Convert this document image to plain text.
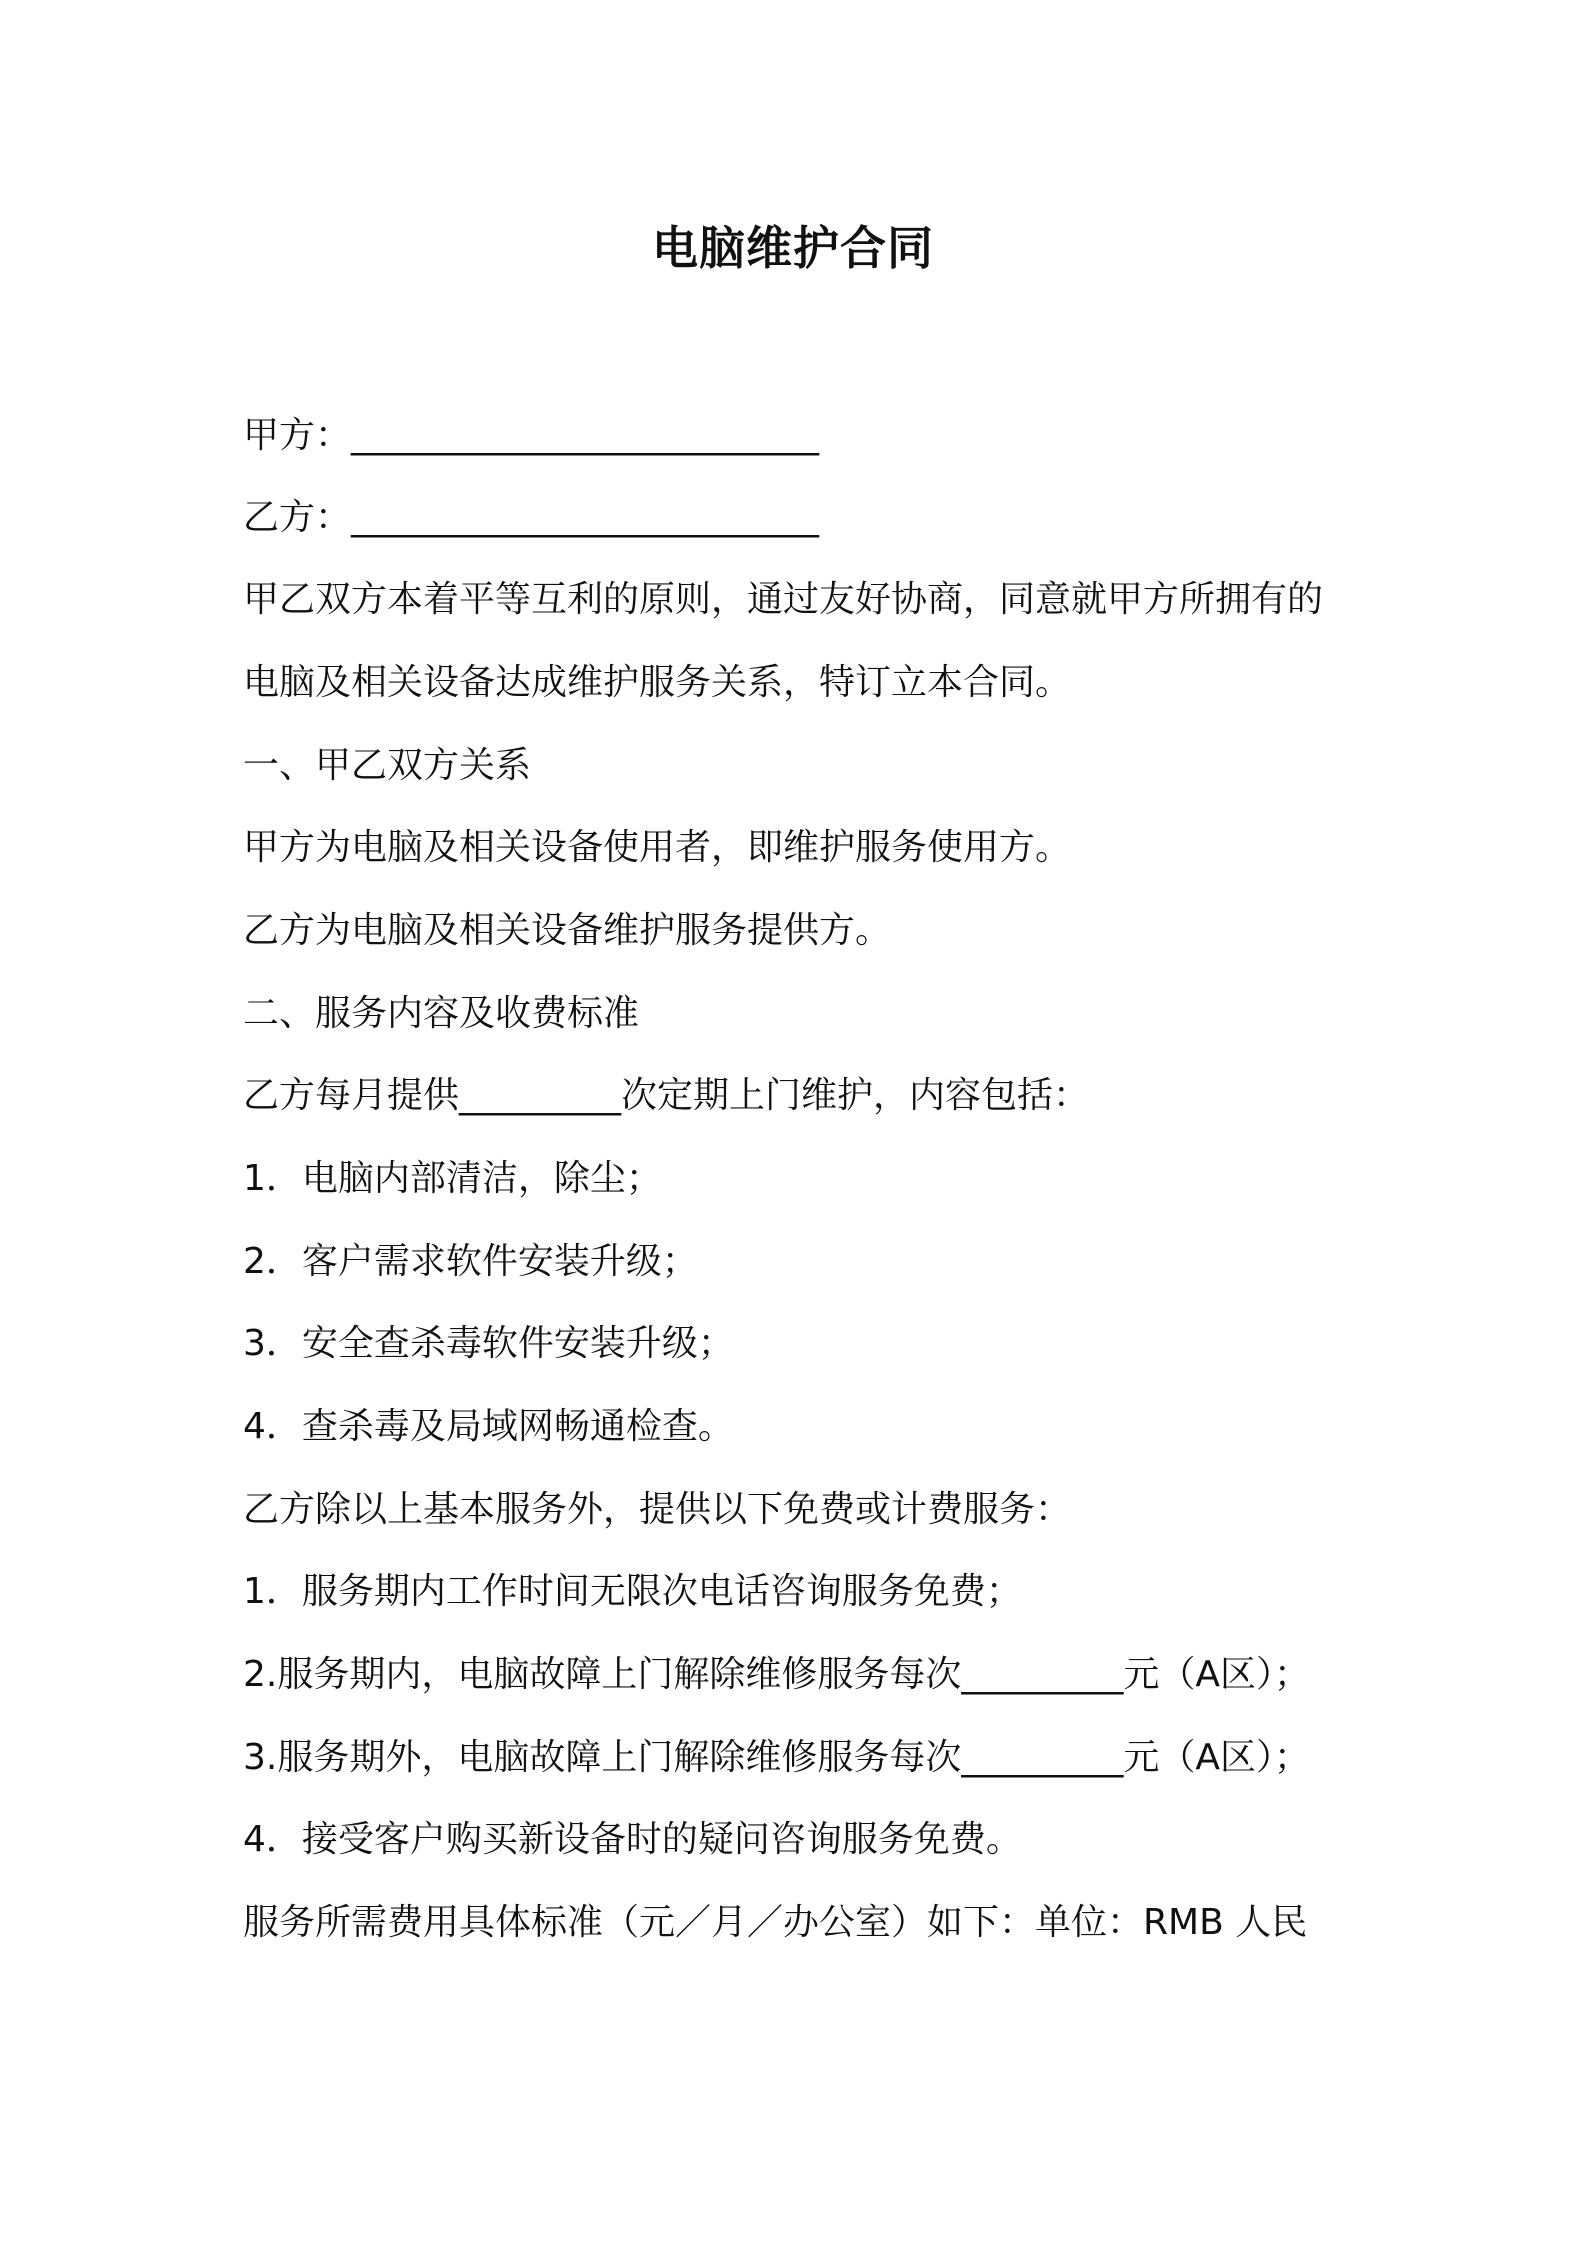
电脑维护合同

甲方：__________________________

乙方：__________________________

甲乙双方本着平等互利的原则，通过友好协商，同意就甲方所拥有的

电脑及相关设备达成维护服务关系，特订立本合同。

一、甲乙双方关系

甲方为电脑及相关设备使用者，即维护服务使用方。

乙方为电脑及相关设备维护服务提供方。

二、服务内容及收费标准

乙方每月提供_________次定期上门维护，内容包括：

1．电脑内部清洁，除尘；

2．客户需求软件安装升级；

3．安全查杀毒软件安装升级；

4．查杀毒及局域网畅通检查。

乙方除以上基本服务外，提供以下免费或计费服务：

1．服务期内工作时间无限次电话咨询服务免费；

2.服务期内，电脑故障上门解除维修服务每次_________元（A区）；

3.服务期外，电脑故障上门解除维修服务每次_________元（A区）；

4．接受客户购买新设备时的疑问咨询服务免费。

服务所需费用具体标准（元／月／办公室）如下：单位：RMB 人民
